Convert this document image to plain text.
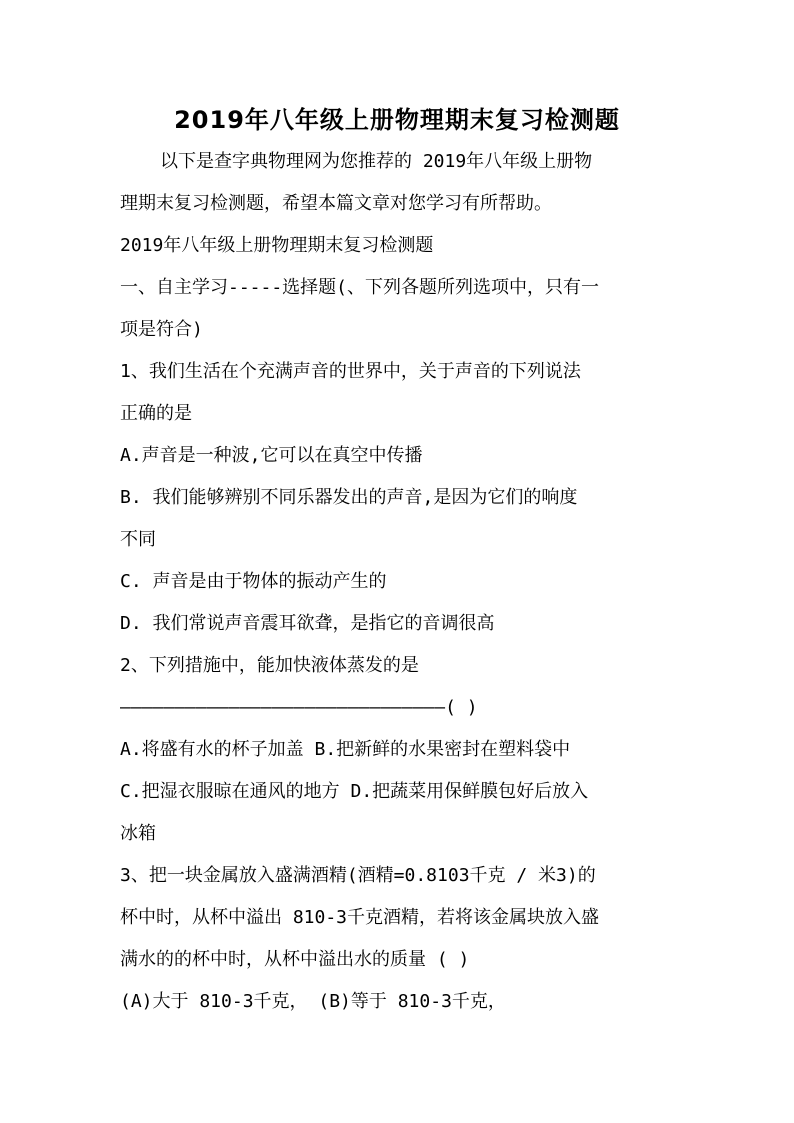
2019年八年级上册物理期末复习检测题

以下是查字典物理网为您推荐的 2019年八年级上册物

理期末复习检测题，希望本篇文章对您学习有所帮助。

2019年八年级上册物理期末复习检测题

一、自主学习-----选择题(、下列各题所列选项中，只有一

项是符合)

1、我们生活在个充满声音的世界中，关于声音的下列说法

正确的是

A.声音是一种波,它可以在真空中传播

B. 我们能够辨别不同乐器发出的声音,是因为它们的响度

不同

C. 声音是由于物体的振动产生的

D. 我们常说声音震耳欲聋，是指它的音调很高

2、下列措施中，能加快液体蒸发的是

——————————————————————————————( )

A.将盛有水的杯子加盖 B.把新鲜的水果密封在塑料袋中

C.把湿衣服晾在通风的地方 D.把蔬菜用保鲜膜包好后放入

冰箱

3、把一块金属放入盛满酒精(酒精=0.8103千克 / 米3)的

杯中时，从杯中溢出 810-3千克酒精，若将该金属块放入盛

满水的的杯中时，从杯中溢出水的质量 ( )

(A)大于 810-3千克， (B)等于 810-3千克，
